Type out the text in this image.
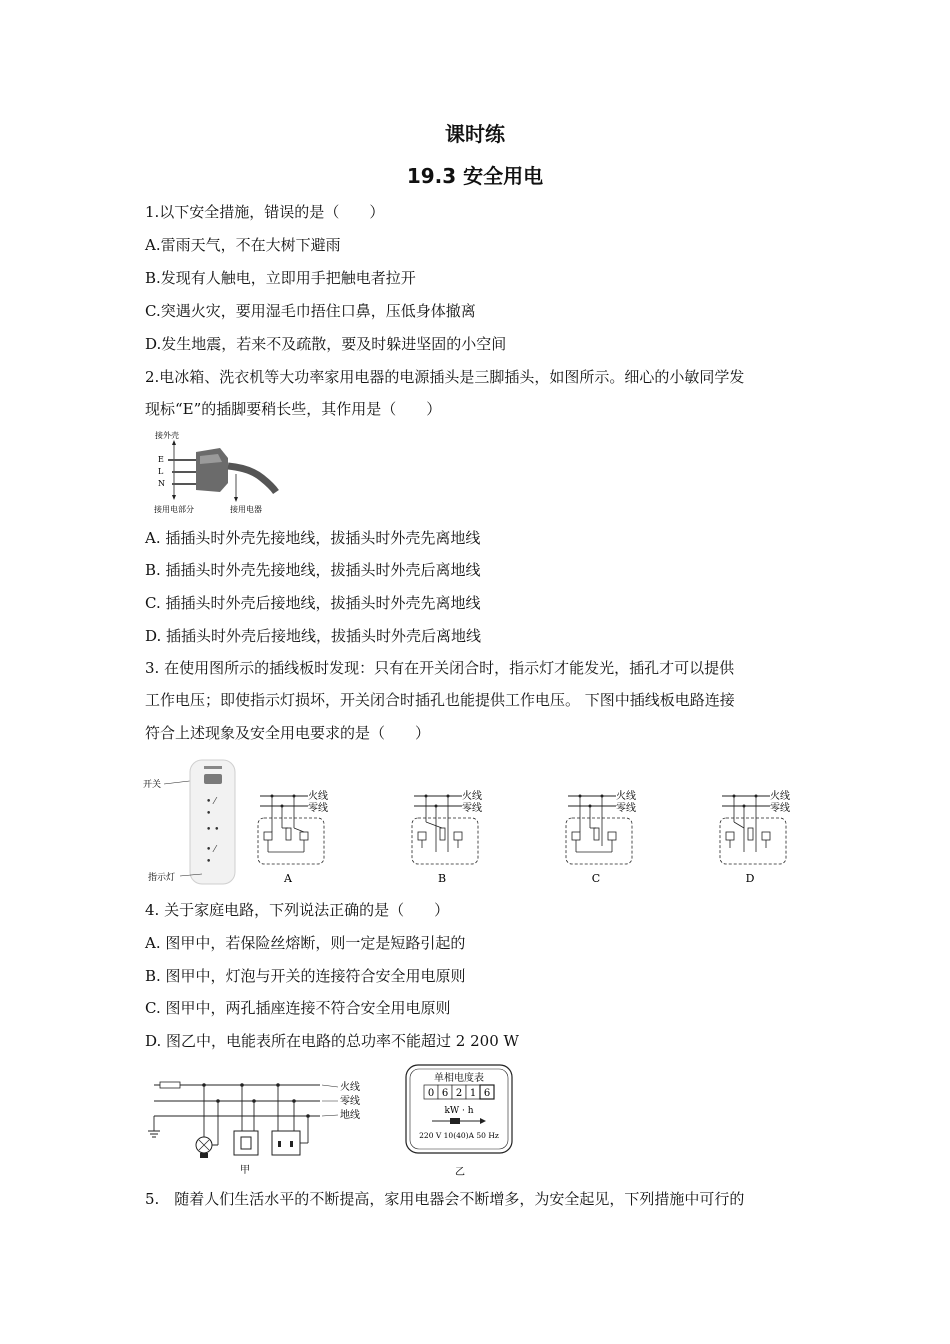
课时练
19.3 安全用电
1.以下安全措施，错误的是（　　）
A.雷雨天气，不在大树下避雨
B.发现有人触电，立即用手把触电者拉开
C.突遇火灾，要用湿毛巾捂住口鼻，压低身体撤离
D.发生地震，若来不及疏散，要及时躲进坚固的小空间
2.电冰箱、洗衣机等大功率家用电器的电源插头是三脚插头，如图所示。细心的小敏同学发
现标“E”的插脚要稍长些，其作用是（　　）
接外壳
E
L
N
接用电部分	接用电器
A. 插插头时外壳先接地线，拔插头时外壳先离地线
B. 插插头时外壳先接地线，拔插头时外壳后离地线
C. 插插头时外壳后接地线，拔插头时外壳先离地线
D. 插插头时外壳后接地线，拔插头时外壳后离地线
3. 在使用图所示的插线板时发现：只有在开关闭合时，指示灯才能发光，插孔才可以提供
工作电压；即使指示灯损坏，开关闭合时插孔也能提供工作电压。 下图中插线板电路连接
符合上述现象及安全用电要求的是（　　）
开关
• ⁄
•
• •
• ⁄
•
指示灯
火线
零线
A
火线
零线
B
火线
零线
C
火线
零线
D
4. 关于家庭电路，下列说法正确的是（　　）
A. 图甲中，若保险丝熔断，则一定是短路引起的
B. 图甲中，灯泡与开关的连接符合安全用电原则
C. 图甲中，两孔插座连接不符合安全用电原则
D. 图乙中，电能表所在电路的总功率不能超过 2 200 W
火线
零线
地线
甲
单相电度表
0 6 2 1 6
kW · h
220 V 10(40)A 50 Hz
乙
5.　随着人们生活水平的不断提高，家用电器会不断增多，为安全起见，下列措施中可行的
